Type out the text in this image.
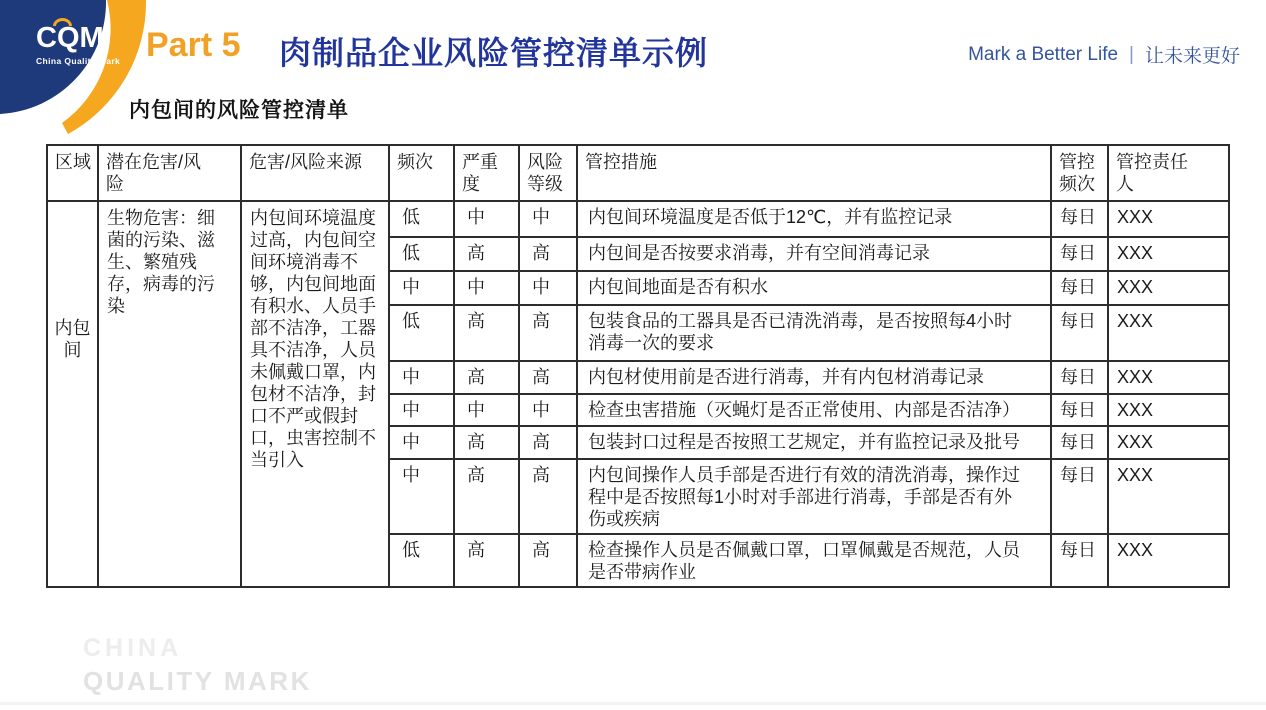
CQM
China Quality Mark Part 5 肉制品企业风险管控清单示例	Mark a Better Life | 让未来更好
内包间的风险管控清单
区域	潜在危害/风险	危害/风险来源	频次	严重度	风险等级	管控措施	管控频次	管控责任人
内包间	生物危害：细菌的污染、滋生、繁殖残存，病毒的污染	内包间环境温度过高，内包间空间环境消毒不够，内包间地面有积水、人员手部不洁净，工器具不洁净，人员未佩戴口罩，内包材不洁净，封口不严或假封口，虫害控制不当引入	低	中	中	内包间环境温度是否低于12℃，并有监控记录	每日	XXX
			低	高	高	内包间是否按要求消毒，并有空间消毒记录	每日	XXX
			中	中	中	内包间地面是否有积水	每日	XXX
			低	高	高	包装食品的工器具是否已清洗消毒，是否按照每4小时消毒一次的要求	每日	XXX
			中	高	高	内包材使用前是否进行消毒，并有内包材消毒记录	每日	XXX
			中	中	中	检查虫害措施（灭蝇灯是否正常使用、内部是否洁净）	每日	XXX
			中	高	高	包装封口过程是否按照工艺规定，并有监控记录及批号	每日	XXX
			中	高	高	内包间操作人员手部是否进行有效的清洗消毒，操作过程中是否按照每1小时对手部进行消毒，手部是否有外伤或疾病	每日	XXX
			低	高	高	检查操作人员是否佩戴口罩，口罩佩戴是否规范，人员是否带病作业	每日	XXX
CHINA
QUALITY MARK
